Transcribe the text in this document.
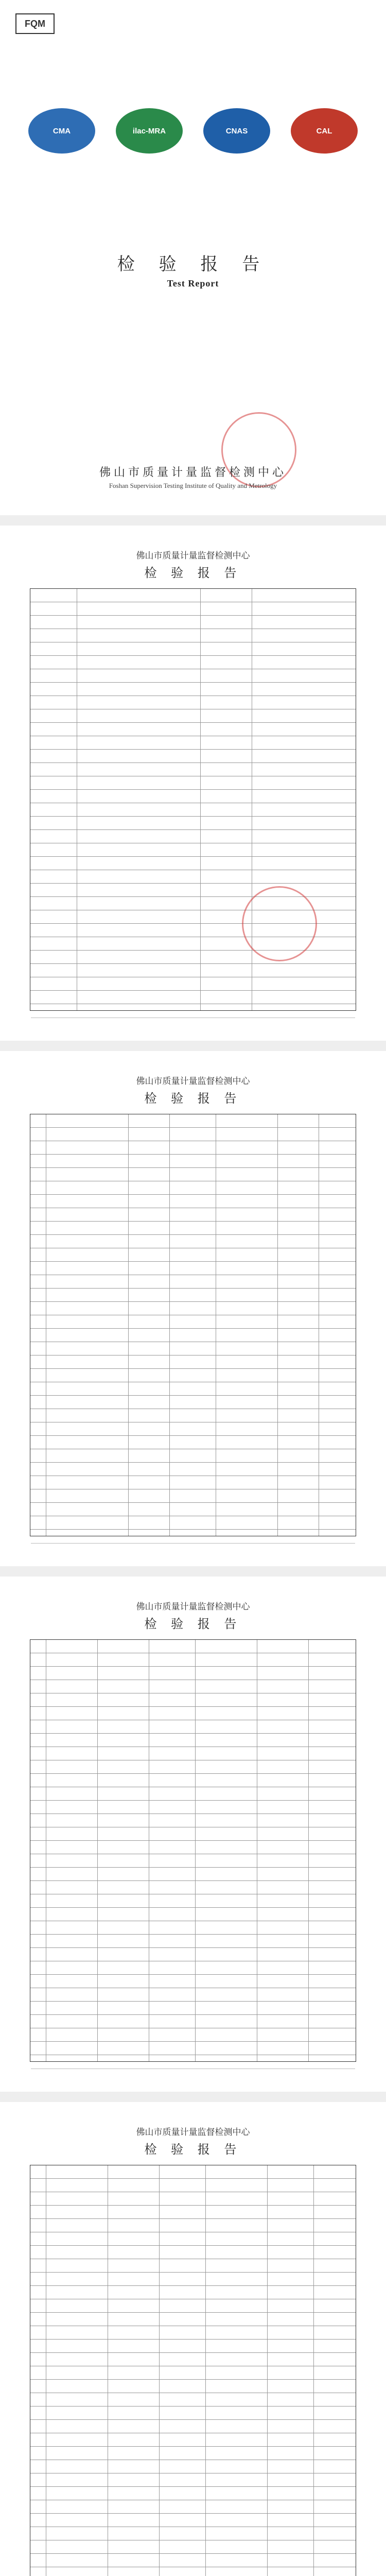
FQM
CMA	ilac-MRA	CNAS	CAL
检 验 报 告
Test Report
佛山市质量计量监督检测中心
Foshan Supervision Testing Institute of Quality and Metrology
佛山市质量计量监督检测中心
检 验 报 告
佛山市质量计量监督检测中心
检 验 报 告
佛山市质量计量监督检测中心
检 验 报 告
佛山市质量计量监督检测中心
检 验 报 告
